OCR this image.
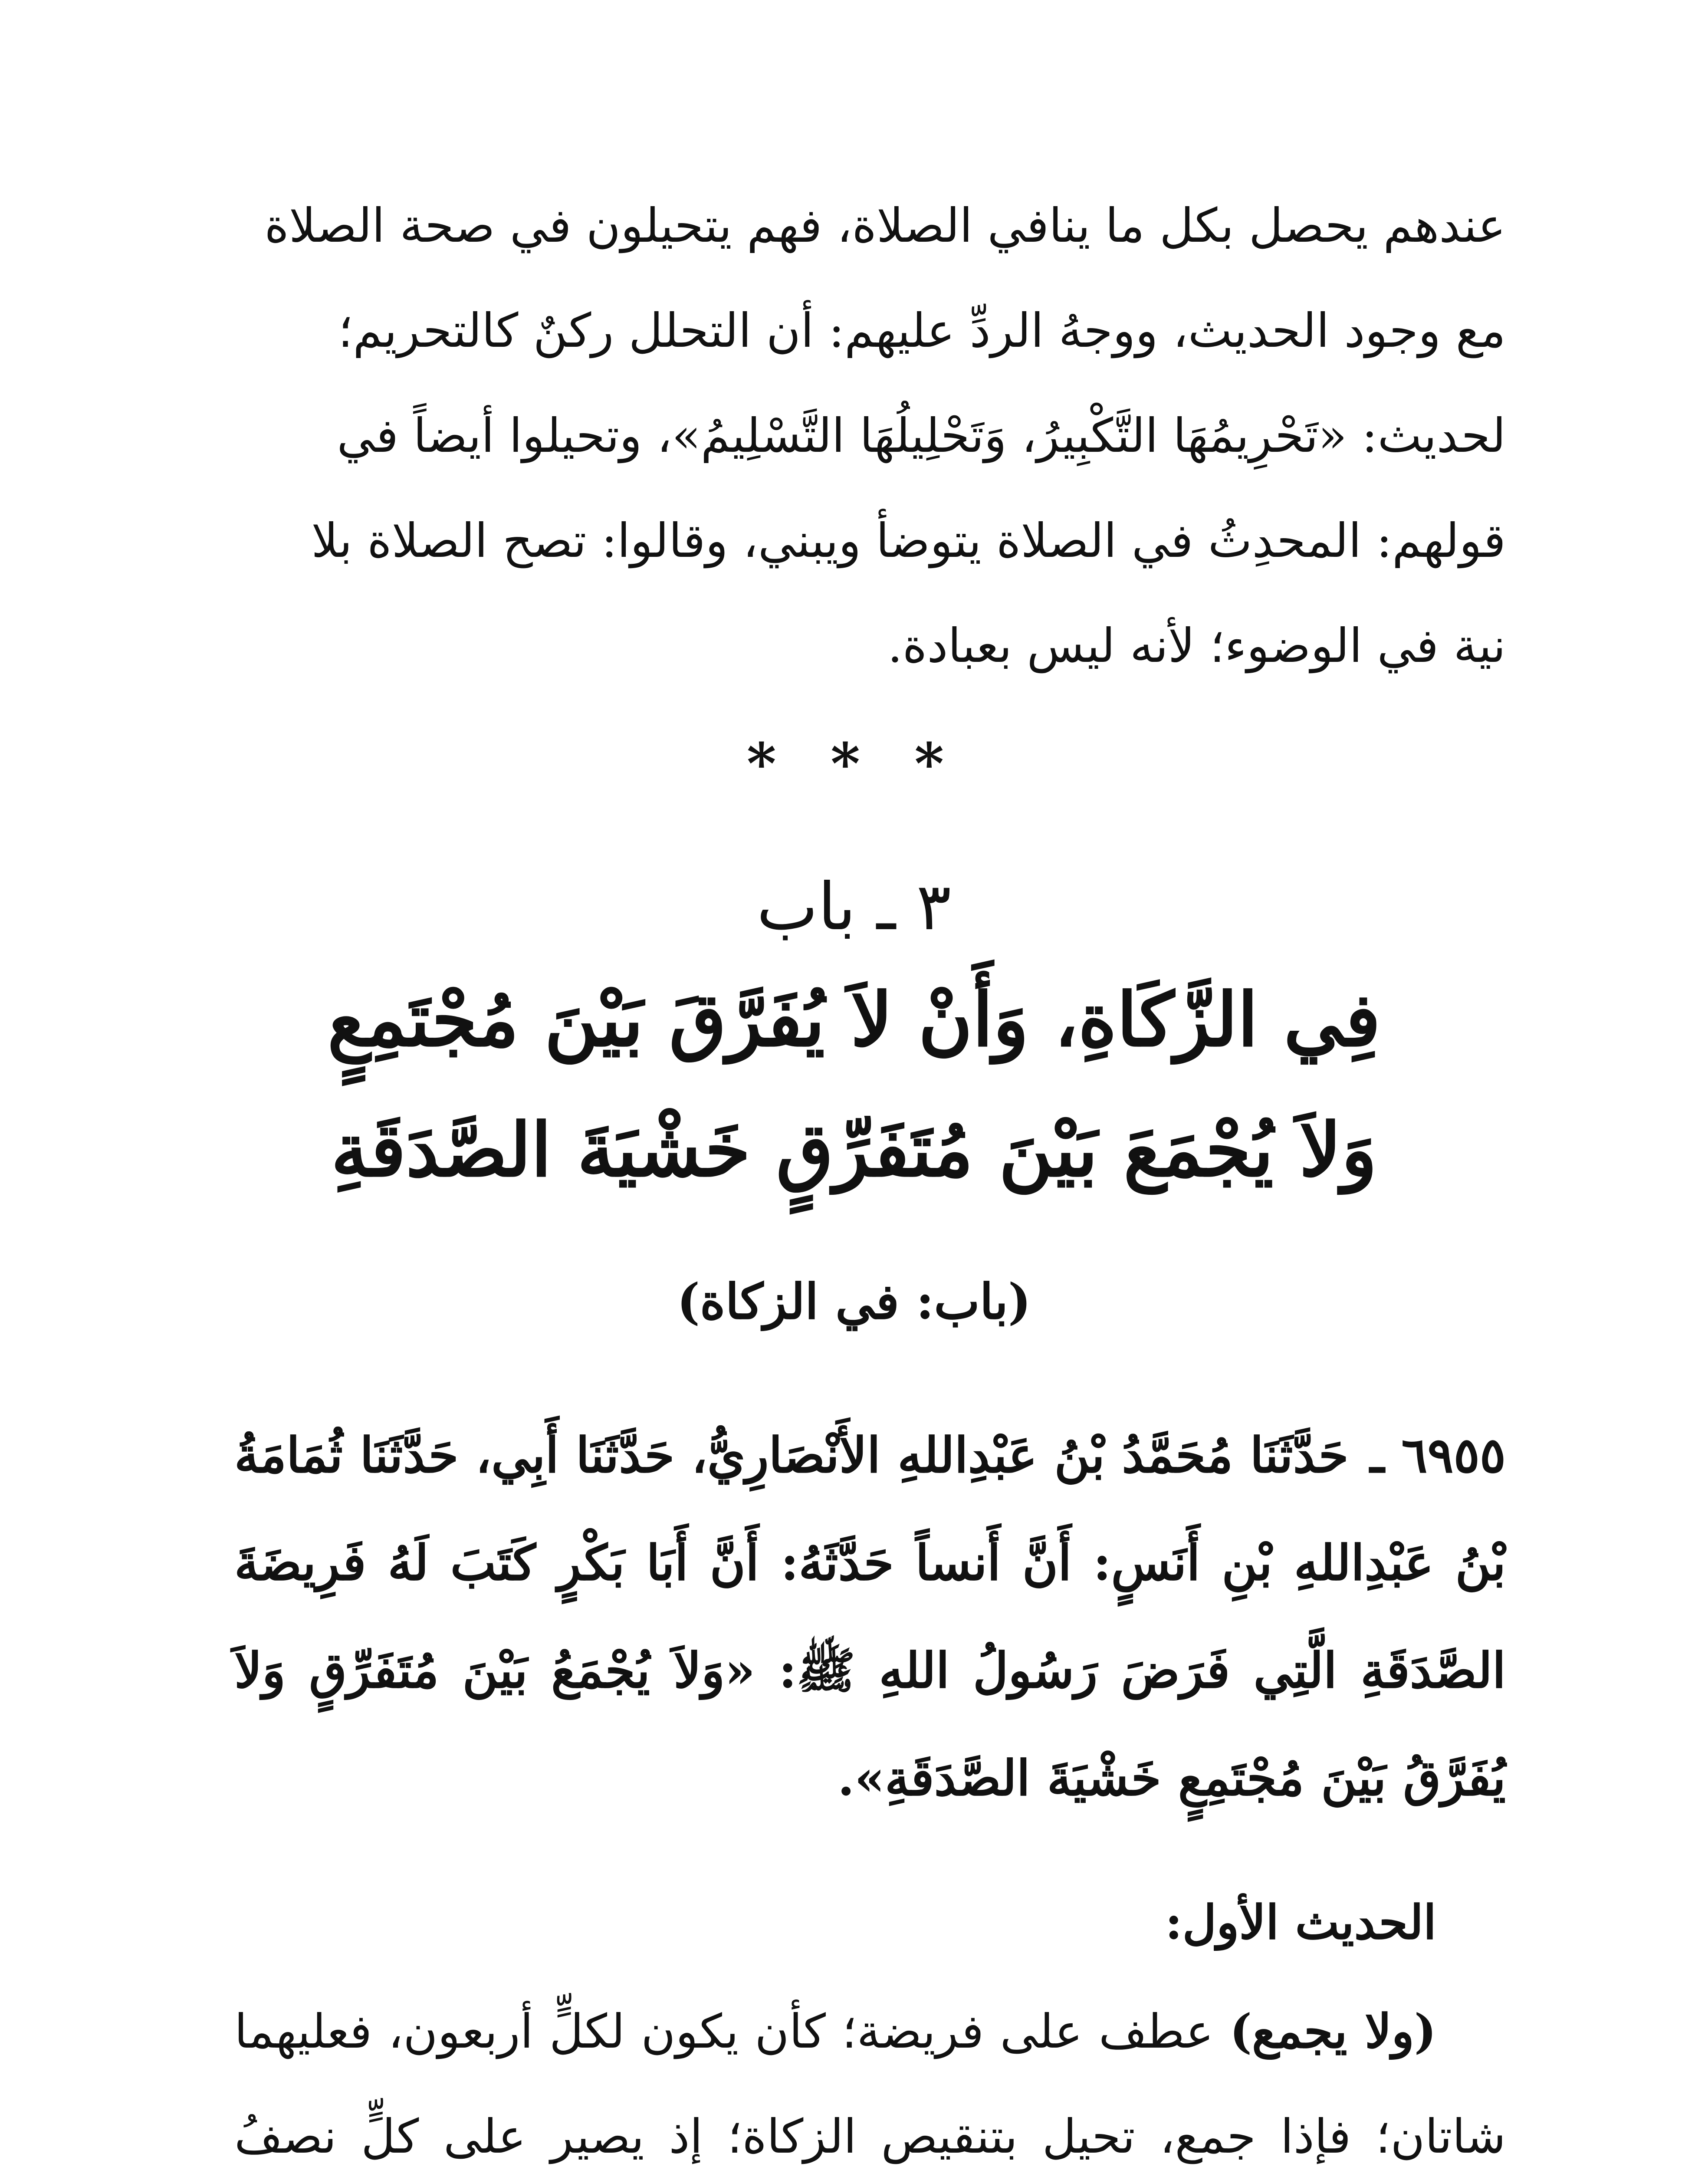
عندهم يحصل بكل ما ينافي الصلاة، فهم يتحيلون في صحة الصلاة

مع وجود الحديث، ووجهُ الردِّ عليهم: أن التحلل ركنٌ كالتحريم؛

لحديث: «تَحْرِيمُهَا التَّكْبِيرُ، وَتَحْلِيلُهَا التَّسْلِيمُ»، وتحيلوا أيضاً في

قولهم: المحدِثُ في الصلاة يتوضأ ويبني، وقالوا: تصح الصلاة بلا

نية في الوضوء؛ لأنه ليس بعبادة.

* * *
٣ ـ باب
فِي الزَّكَاةِ، وَأَنْ لاَ يُفَرَّقَ بَيْنَ مُجْتَمِعٍ
وَلاَ يُجْمَعَ بَيْنَ مُتَفَرِّقٍ خَشْيَةَ الصَّدَقَةِ
(باب: في الزكاة)
٦٩٥٥ ـ حَدَّثَنَا مُحَمَّدُ بْنُ عَبْدِاللهِ الأَنْصَارِيُّ، حَدَّثَنَا أَبِي، حَدَّثَنَا ثُمَامَةُ بْنُ عَبْدِاللهِ بْنِ أَنَسٍ: أَنَّ أَنساً حَدَّثَهُ: أَنَّ أَبَا بَكْرٍ كَتَبَ لَهُ فَرِيضَةَ الصَّدَقَةِ الَّتِي فَرَضَ رَسُولُ اللهِ ﷺ: «وَلاَ يُجْمَعُ بَيْنَ مُتَفَرِّقٍ وَلاَ يُفَرَّقُ بَيْنَ مُجْتَمِعٍ خَشْيَةَ الصَّدَقَةِ».
الحديث الأول:
(ولا يجمع) عطف على فريضة؛ كأن يكون لكلٍّ أربعون، فعليهما شاتان؛ فإذا جمع، تحيل بتنقيص الزكاة؛ إذ يصير على كلٍّ نصفُ
